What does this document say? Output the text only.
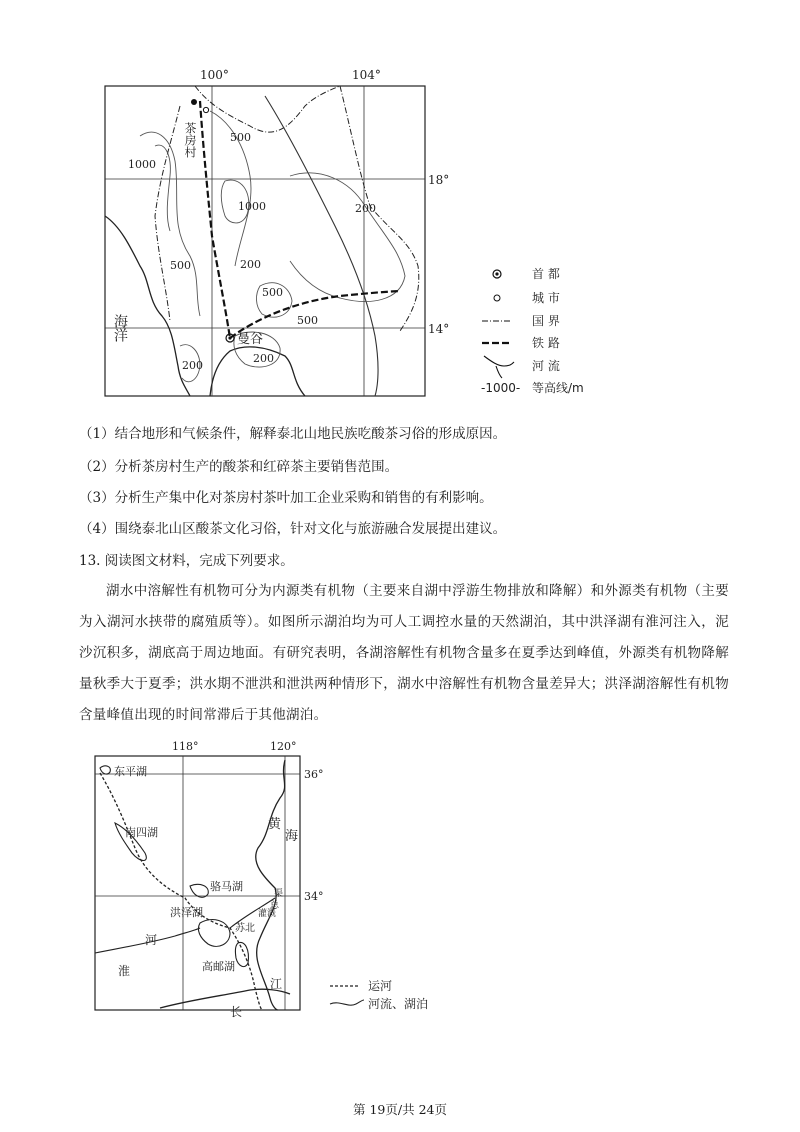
茶房村
曼谷
海洋
500
1000
1000
500	200
200
500
500
200
200
100°	104°
18°
14°
首 都
城 市
国 界
铁 路
河 流
-1000- 等高线/m
（1）结合地形和气候条件，解释泰北山地民族吃酸茶习俗的形成原因。
（2）分析茶房村生产的酸茶和红碎茶主要销售范围。
（3）分析生产集中化对茶房村茶叶加工企业采购和销售的有利影响。
（4）围绕泰北山区酸茶文化习俗，针对文化与旅游融合发展提出建议。
13. 阅读图文材料，完成下列要求。
湖水中溶解性有机物可分为内源类有机物（主要来自湖中浮游生物排放和降解）和外源类有机物（主要为入湖河水挟带的腐殖质等）。如图所示湖泊均为可人工调控水量的天然湖泊，其中洪泽湖有淮河注入，泥沙沉积多，湖底高于周边地面。有研究表明，各湖溶解性有机物含量多在夏季达到峰值，外源类有机物降解量秋季大于夏季；洪水期不泄洪和泄洪两种情形下，湖水中溶解性有机物含量差异大；洪泽湖溶解性有机物含量峰值出现的时间常滞后于其他湖泊。
东平湖
南四湖
骆马湖
洪泽湖
高邮湖
淮
河
长
江
苏北
灌溉
总
渠
黄
海
118°	120°
36°
34°
运河
河流、湖泊
第 19页/共 24页
